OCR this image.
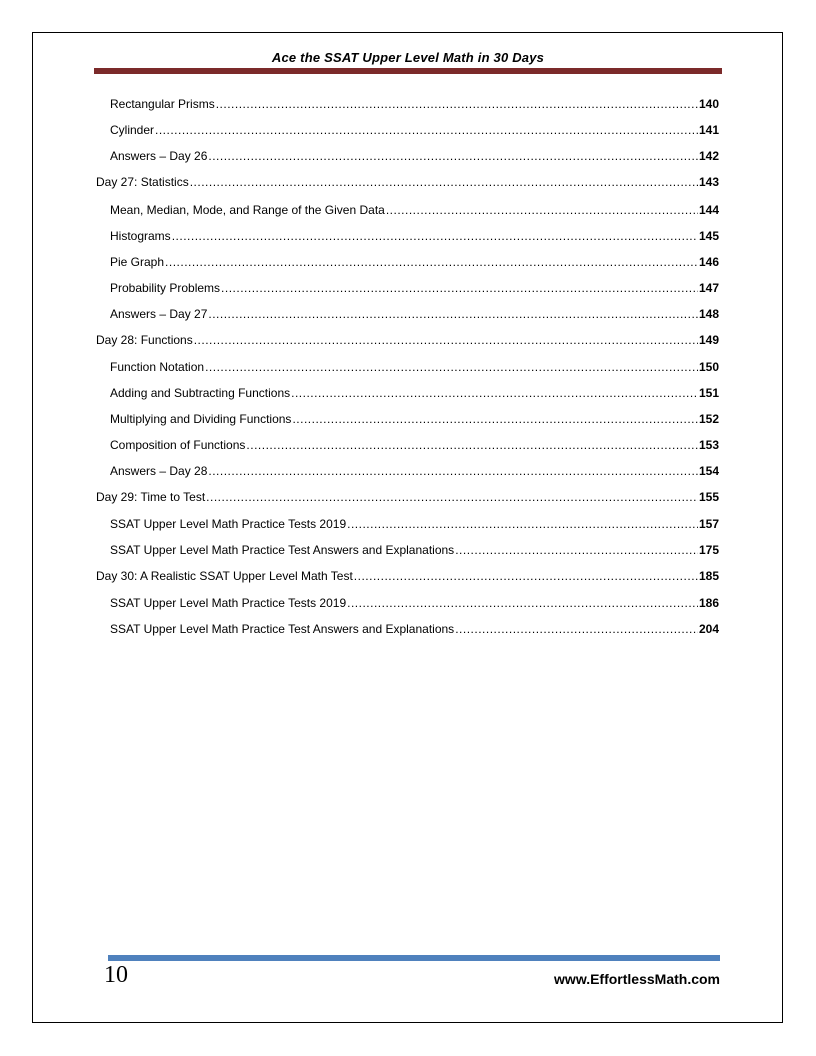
Ace the SSAT Upper Level Math in 30 Days
Rectangular Prisms .....	140
Cylinder .....	141
Answers – Day 26 .....	142
Day 27: Statistics .....	143
Mean, Median, Mode, and Range of the Given Data .....	144
Histograms .....	145
Pie Graph .....	146
Probability Problems .....	147
Answers – Day 27 .....	148
Day 28: Functions .....	149
Function Notation .....	150
Adding and Subtracting Functions .....	151
Multiplying and Dividing Functions .....	152
Composition of Functions .....	153
Answers – Day 28 .....	154
Day 29: Time to Test .....	155
SSAT Upper Level Math Practice Tests 2019 .....	157
SSAT Upper Level Math Practice Test Answers and Explanations .....	175
Day 30: A Realistic SSAT Upper Level Math Test .....	185
SSAT Upper Level Math Practice Tests 2019 .....	186
SSAT Upper Level Math Practice Test Answers and Explanations .....	204
10	www.EffortlessMath.com
